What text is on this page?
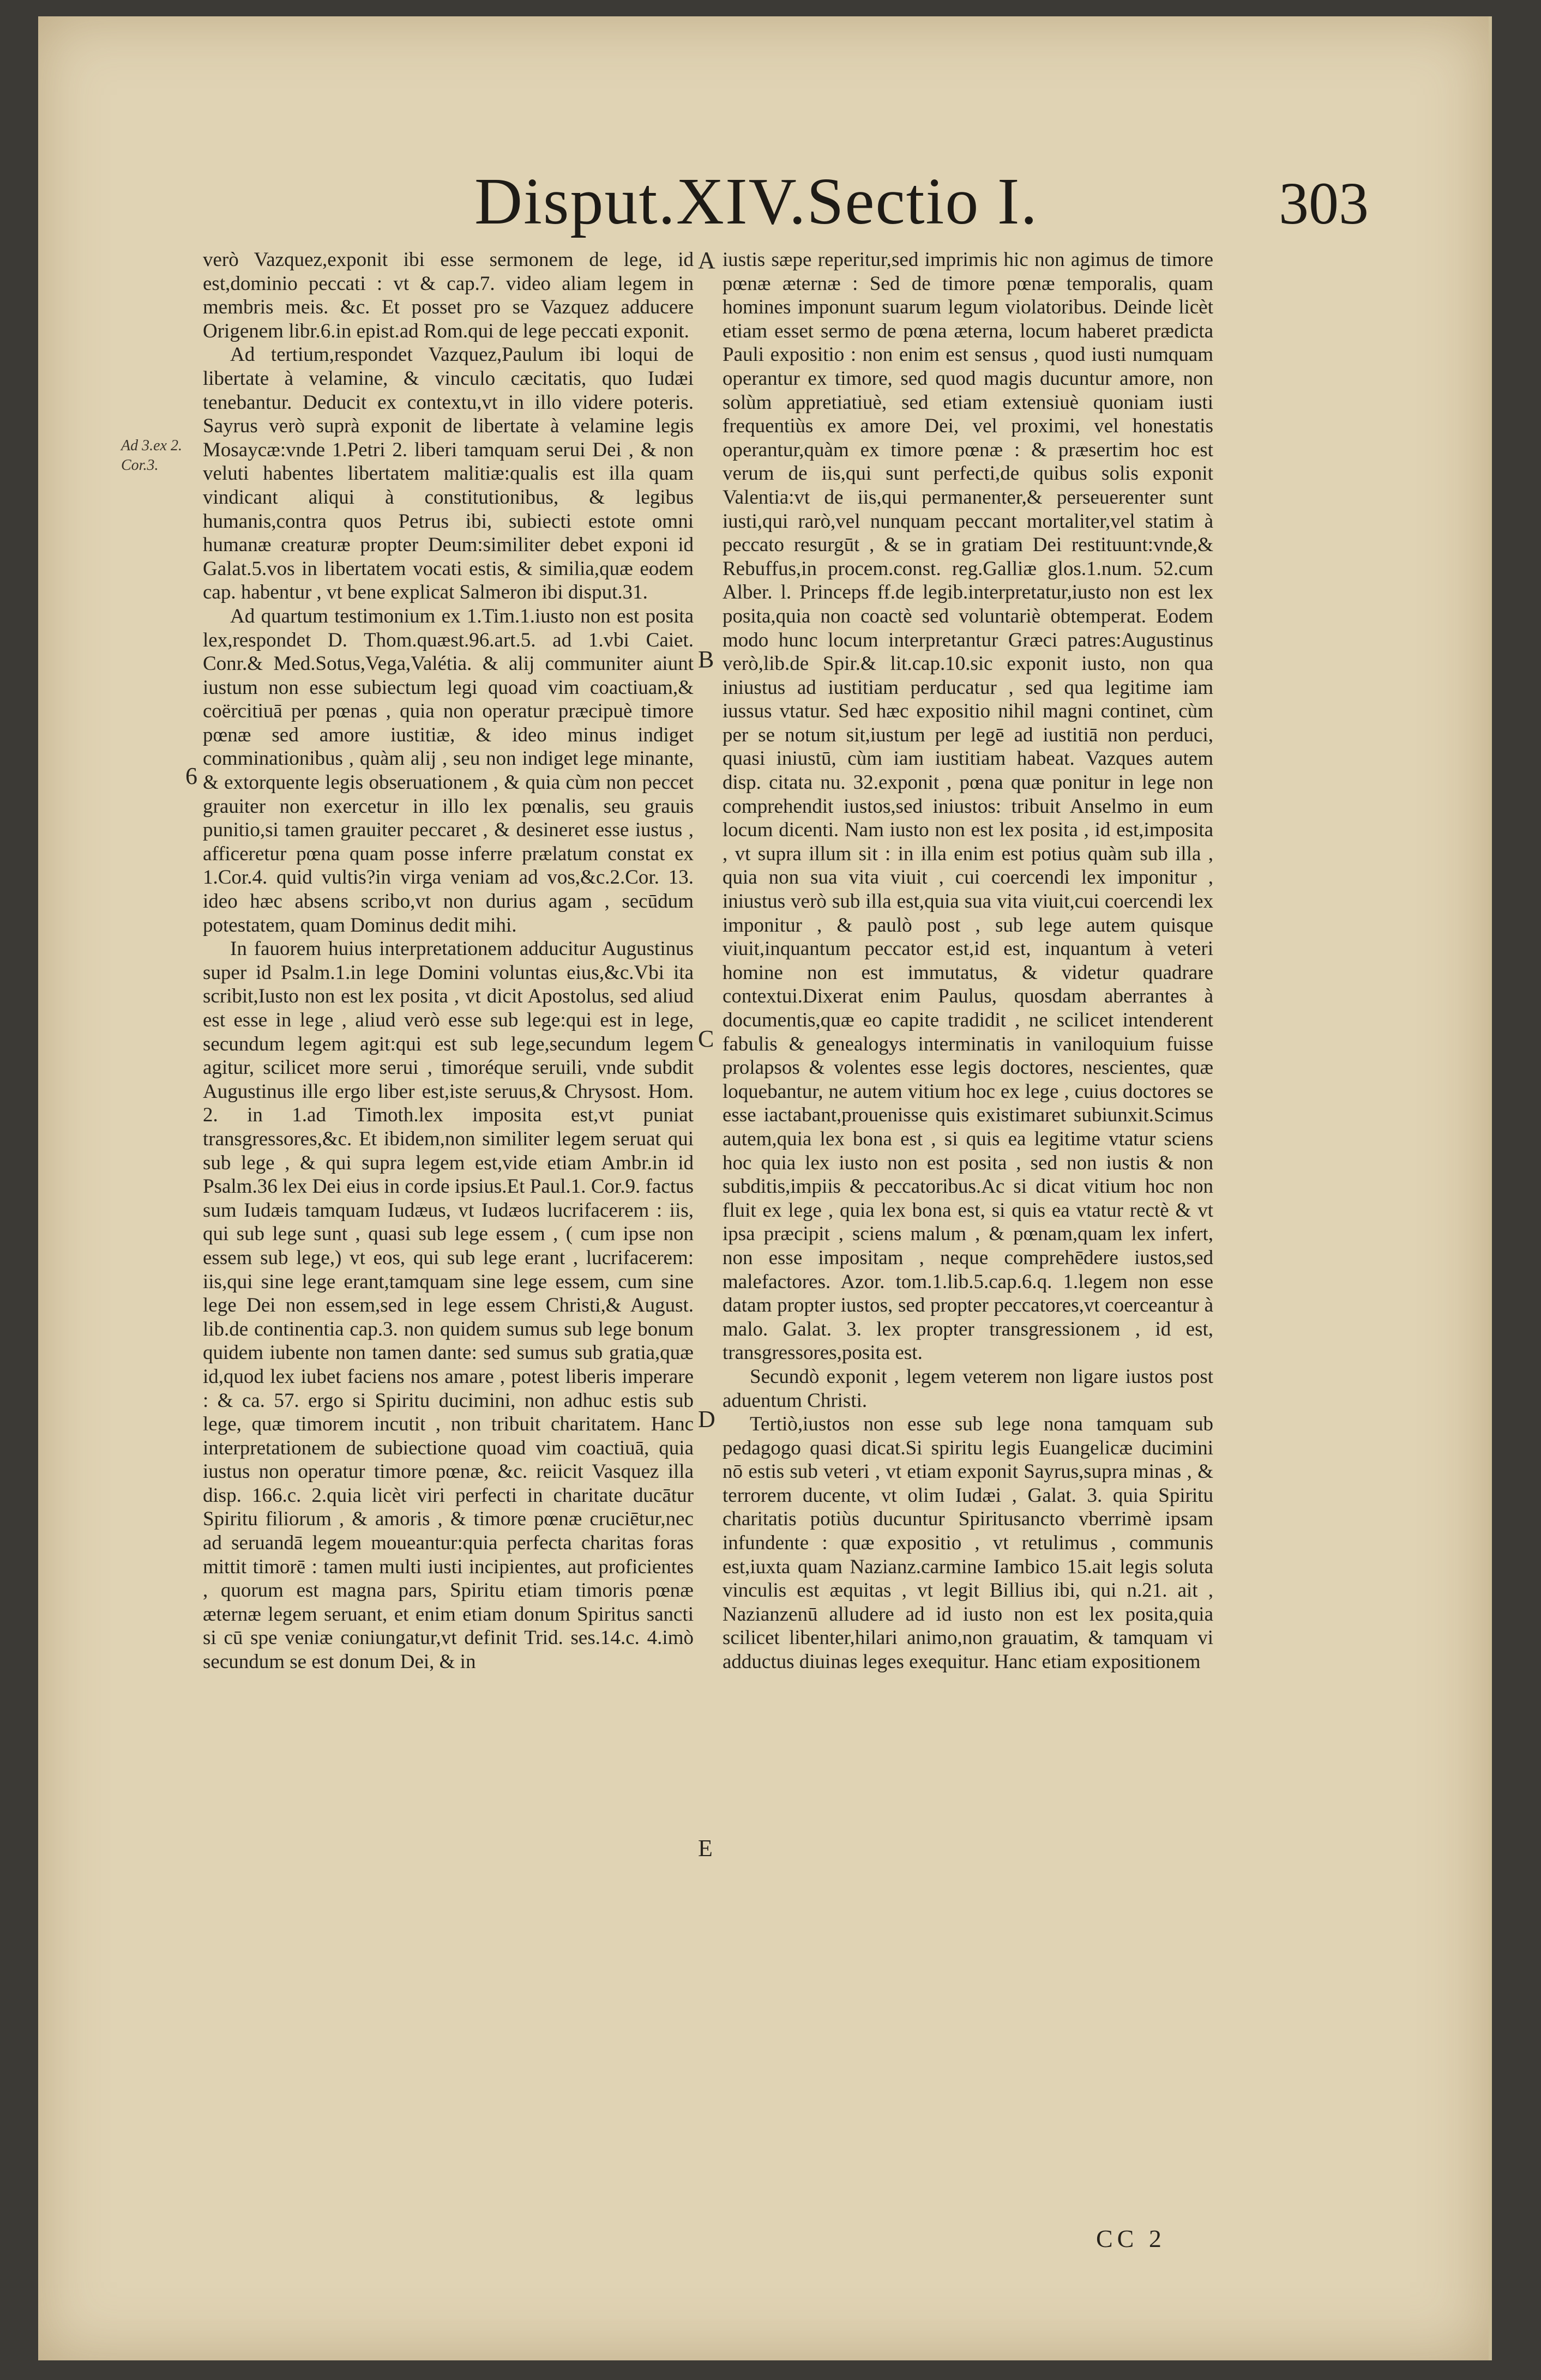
Disput.XIV.Sectio I.	303
Ad 3.ex 2. Cor.3.
6
A
B
C
D
E

verò Vazquez,exponit ibi esse sermonem de lege, id est,dominio peccati : vt & cap.7. video aliam legem in membris meis. &c. Et posset pro se Vazquez adducere Origenem libr.6.in epist.ad Rom.qui de lege peccati exponit.

Ad tertium,respondet Vazquez,Paulum ibi loqui de libertate à velamine, & vinculo cæcitatis, quo Iudæi tenebantur. Deducit ex contextu,vt in illo videre poteris. Sayrus verò suprà exponit de libertate à velamine legis Mosaycæ:vnde 1.Petri 2. liberi tamquam serui Dei , & non veluti habentes libertatem malitiæ:qualis est illa quam vindicant aliqui à constitutionibus, & legibus humanis,contra quos Petrus ibi, subiecti estote omni humanæ creaturæ propter Deum:similiter debet exponi id Galat.5.vos in libertatem vocati estis, & similia,quæ eodem cap. habentur , vt bene explicat Salmeron ibi disput.31.

Ad quartum testimonium ex 1.Tim.1.iusto non est posita lex,respondet D. Thom.quæst.96.art.5. ad 1.vbi Caiet. Conr.& Med.Sotus,Vega,Valétia. & alij communiter aiunt iustum non esse subiectum legi quoad vim coactiuam,& coërcitiuā per pœnas , quia non operatur præcipuè timore pœnæ sed amore iustitiæ, & ideo minus indiget comminationibus , quàm alij , seu non indiget lege minante, & extorquente legis obseruationem , & quia cùm non peccet grauiter non exercetur in illo lex pœnalis, seu grauis punitio,si tamen grauiter peccaret , & desineret esse iustus , afficeretur pœna quam posse inferre prælatum constat ex 1.Cor.4. quid vultis?in virga veniam ad vos,&c.2.Cor. 13. ideo hæc absens scribo,vt non durius agam , secūdum potestatem, quam Dominus dedit mihi.

In fauorem huius interpretationem adducitur Augustinus super id Psalm.1.in lege Domini voluntas eius,&c.Vbi ita scribit,Iusto non est lex posita , vt dicit Apostolus, sed aliud est esse in lege , aliud verò esse sub lege:qui est in lege, secundum legem agit:qui est sub lege,secundum legem agitur, scilicet more serui , timoréque seruili, vnde subdit Augustinus ille ergo liber est,iste seruus,& Chrysost. Hom. 2. in 1.ad Timoth.lex imposita est,vt puniat transgressores,&c. Et ibidem,non similiter legem seruat qui sub lege , & qui supra legem est,vide etiam Ambr.in id Psalm.36 lex Dei eius in corde ipsius.Et Paul.1. Cor.9. factus sum Iudæis tamquam Iudæus, vt Iudæos lucrifacerem : iis, qui sub lege sunt , quasi sub lege essem , ( cum ipse non essem sub lege,) vt eos, qui sub lege erant , lucrifacerem: iis,qui sine lege erant,tamquam sine lege essem, cum sine lege Dei non essem,sed in lege essem Christi,& August. lib.de continentia cap.3. non quidem sumus sub lege bonum quidem iubente non tamen dante: sed sumus sub gratia,quæ id,quod lex iubet faciens nos amare , potest liberis imperare : & ca. 57. ergo si Spiritu ducimini, non adhuc estis sub lege, quæ timorem incutit , non tribuit charitatem. Hanc interpretationem de subiectione quoad vim coactiuā, quia iustus non operatur timore pœnæ, &c. reiicit Vasquez illa disp. 166.c. 2.quia licèt viri perfecti in charitate ducātur Spiritu filiorum , & amoris , & timore pœnæ cruciētur,nec ad seruandā legem moueantur:quia perfecta charitas foras mittit timorē : tamen multi iusti incipientes, aut proficientes , quorum est magna pars, Spiritu etiam timoris pœnæ æternæ legem seruant, et enim etiam donum Spiritus sancti si cū spe veniæ coniungatur,vt definit Trid. ses.14.c. 4.imò secundum se est donum Dei, & in

iustis sæpe reperitur,sed imprimis hic non agimus de timore pœnæ æternæ : Sed de timore pœnæ temporalis, quam homines imponunt suarum legum violatoribus. Deinde licèt etiam esset sermo de pœna æterna, locum haberet prædicta Pauli expositio : non enim est sensus , quod iusti numquam operantur ex timore, sed quod magis ducuntur amore, non solùm appretiatiuè, sed etiam extensiuè quoniam iusti frequentiùs ex amore Dei, vel proximi, vel honestatis operantur,quàm ex timore pœnæ : & præsertim hoc est verum de iis,qui sunt perfecti,de quibus solis exponit Valentia:vt de iis,qui permanenter,& perseuerenter sunt iusti,qui rarò,vel nunquam peccant mortaliter,vel statim à peccato resurgūt , & se in gratiam Dei restituunt:vnde,& Rebuffus,in procem.const. reg.Galliæ glos.1.num. 52.cum Alber. l. Princeps ff.de legib.interpretatur,iusto non est lex posita,quia non coactè sed voluntariè obtemperat. Eodem modo hunc locum interpretantur Græci patres:Augustinus verò,lib.de Spir.& lit.cap.10.sic exponit iusto, non qua iniustus ad iustitiam perducatur , sed qua legitime iam iussus vtatur. Sed hæc expositio nihil magni continet, cùm per se notum sit,iustum per legē ad iustitiā non perduci, quasi iniustū, cùm iam iustitiam habeat. Vazques autem disp. citata nu. 32.exponit , pœna quæ ponitur in lege non comprehendit iustos,sed iniustos: tribuit Anselmo in eum locum dicenti. Nam iusto non est lex posita , id est,imposita , vt supra illum sit : in illa enim est potius quàm sub illa , quia non sua vita viuit , cui coercendi lex imponitur , iniustus verò sub illa est,quia sua vita viuit,cui coercendi lex imponitur , & paulò post , sub lege autem quisque viuit,inquantum peccator est,id est, inquantum à veteri homine non est immutatus, & videtur quadrare contextui.Dixerat enim Paulus, quosdam aberrantes à documentis,quæ eo capite tradidit , ne scilicet intenderent fabulis & genealogys interminatis in vaniloquium fuisse prolapsos & volentes esse legis doctores, nescientes, quæ loquebantur, ne autem vitium hoc ex lege , cuius doctores se esse iactabant,prouenisse quis existimaret subiunxit.Scimus autem,quia lex bona est , si quis ea legitime vtatur sciens hoc quia lex iusto non est posita , sed non iustis & non subditis,impiis & peccatoribus.Ac si dicat vitium hoc non fluit ex lege , quia lex bona est, si quis ea vtatur rectè & vt ipsa præcipit , sciens malum , & pœnam,quam lex infert, non esse impositam , neque comprehēdere iustos,sed malefactores. Azor. tom.1.lib.5.cap.6.q. 1.legem non esse datam propter iustos, sed propter peccatores,vt coerceantur à malo. Galat. 3. lex propter transgressionem , id est, transgressores,posita est.

Secundò exponit , legem veterem non ligare iustos post aduentum Christi.

Tertiò,iustos non esse sub lege nona tamquam sub pedagogo quasi dicat.Si spiritu legis Euangelicæ ducimini nō estis sub veteri , vt etiam exponit Sayrus,supra minas , & terrorem ducente, vt olim Iudæi , Galat. 3. quia Spiritu charitatis potiùs ducuntur Spiritusancto vberrimè ipsam infundente : quæ expositio , vt retulimus , communis est,iuxta quam Nazianz.carmine Iambico 15.ait legis soluta vinculis est æquitas , vt legit Billius ibi, qui n.21. ait , Nazianzenū alludere ad id iusto non est lex posita,quia scilicet libenter,hilari animo,non grauatim, & tamquam vi adductus diuinas leges exequitur. Hanc etiam expositionem

CC 2
